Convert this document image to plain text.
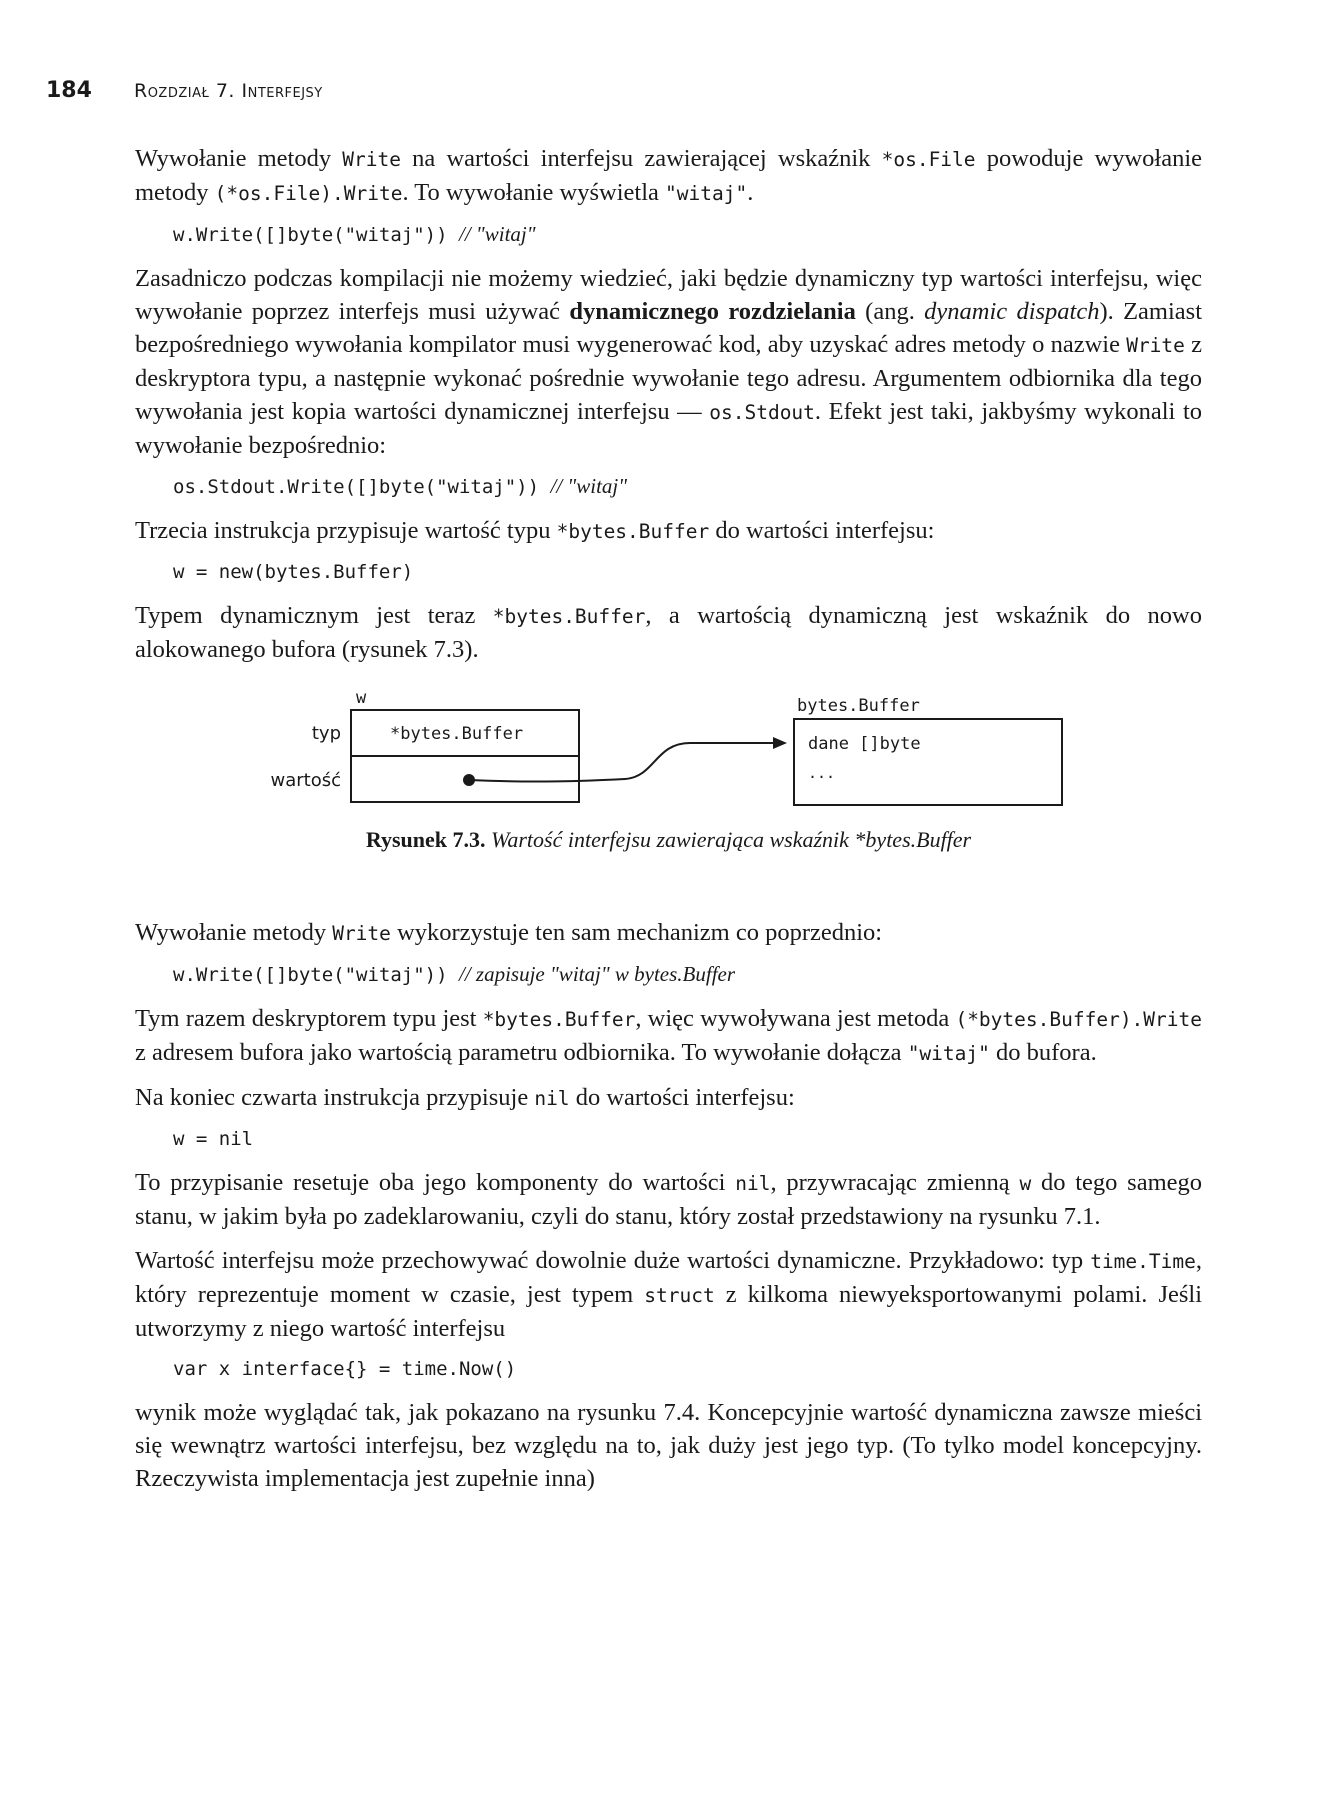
184 Rozdział 7. Interfejsy

Wywołanie metody Write na wartości interfejsu zawierającej wskaźnik *os.File powoduje wywołanie metody (*os.File).Write. To wywołanie wyświetla "witaj".

w.Write([]byte("witaj")) // "witaj"

Zasadniczo podczas kompilacji nie możemy wiedzieć, jaki będzie dynamiczny typ wartości interfejsu, więc wywołanie poprzez interfejs musi używać dynamicznego rozdzielania (ang. dynamic dispatch). Zamiast bezpośredniego wywołania kompilator musi wygenerować kod, aby uzyskać adres metody o nazwie Write z deskryptora typu, a następnie wykonać pośrednie wywołanie tego adresu. Argumentem odbiornika dla tego wywołania jest kopia wartości dynamicznej interfejsu — os.Stdout. Efekt jest taki, jakbyśmy wykonali to wywołanie bezpośrednio:

os.Stdout.Write([]byte("witaj")) // "witaj"

Trzecia instrukcja przypisuje wartość typu *bytes.Buffer do wartości interfejsu:

w = new(bytes.Buffer)

Typem dynamicznym jest teraz *bytes.Buffer, a wartością dynamiczną jest wskaźnik do nowo alokowanego bufora (rysunek 7.3).

w
typ
wartość
*bytes.Buffer
bytes.Buffer
dane []byte
...
Rysunek 7.3. Wartość interfejsu zawierająca wskaźnik *bytes.Buffer

Wywołanie metody Write wykorzystuje ten sam mechanizm co poprzednio:

w.Write([]byte("witaj")) // zapisuje "witaj" w bytes.Buffer

Tym razem deskryptorem typu jest *bytes.Buffer, więc wywoływana jest metoda (*bytes.Buffer).Write z adresem bufora jako wartością parametru odbiornika. To wywołanie dołącza "witaj" do bufora.

Na koniec czwarta instrukcja przypisuje nil do wartości interfejsu:

w = nil

To przypisanie resetuje oba jego komponenty do wartości nil, przywracając zmienną w do tego samego stanu, w jakim była po zadeklarowaniu, czyli do stanu, który został przedstawiony na rysunku 7.1.

Wartość interfejsu może przechowywać dowolnie duże wartości dynamiczne. Przykładowo: typ time.Time, który reprezentuje moment w czasie, jest typem struct z kilkoma niewyeksportowanymi polami. Jeśli utworzymy z niego wartość interfejsu

var x interface{} = time.Now()

wynik może wyglądać tak, jak pokazano na rysunku 7.4. Koncepcyjnie wartość dynamiczna zawsze mieści się wewnątrz wartości interfejsu, bez względu na to, jak duży jest jego typ. (To tylko model koncepcyjny. Rzeczywista implementacja jest zupełnie inna)
